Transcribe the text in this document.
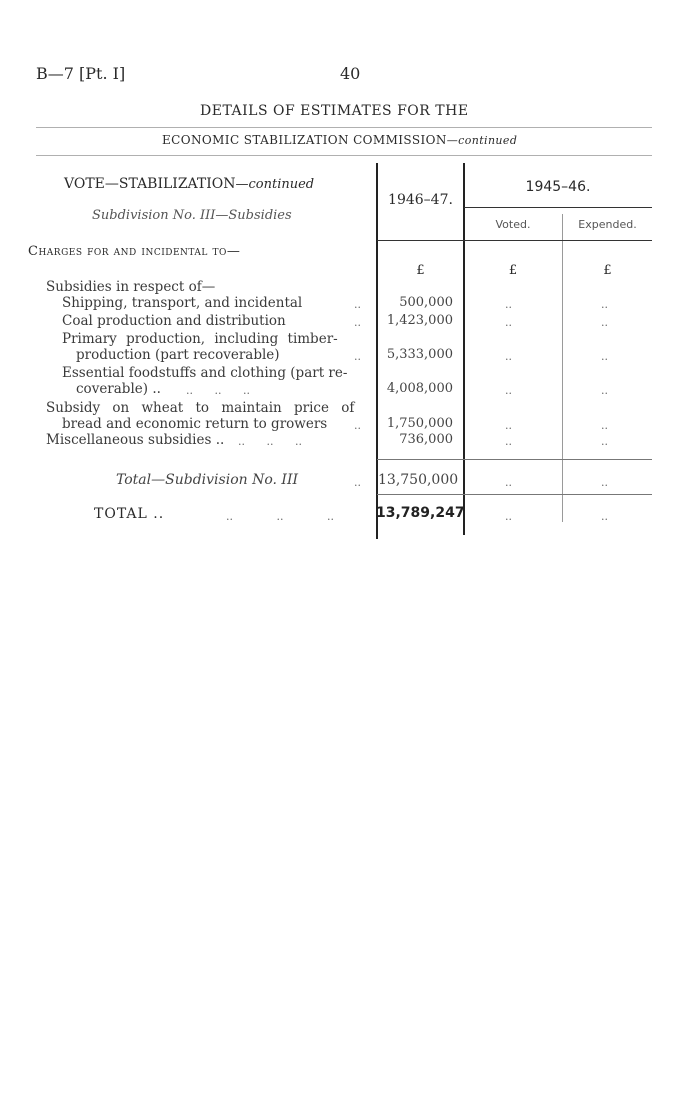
B—7 [Pt. I]	40
DETAILS OF ESTIMATES FOR THE
ECONOMIC STABILIZATION COMMISSION—continued
VOTE—STABILIZATION—continued
Subdivision No. III—Subsidies
1946–47.
1945–46.
Voted.	Expended.
Charges for and incidental to—
£	£	£
Subsidies in respect of—
Shipping, transport, and incidental	..	500,000	..	..
Coal production and distribution	..	1,423,000	..	..
Primary production, including timber-
production (part recoverable)	..	5,333,000	..	..
Essential foodstuffs and clothing (part re-
coverable) .. .. .. ..	4,008,000	..	..
Subsidy on wheat to maintain price of
bread and economic return to growers ..	1,750,000	..	..
Miscellaneous subsidies .. .. .. ..	736,000	..	..
Total—Subdivision No. III	.. 13,750,000	..	..
TOTAL ..	.. .. ..	13,789,247	..	..
